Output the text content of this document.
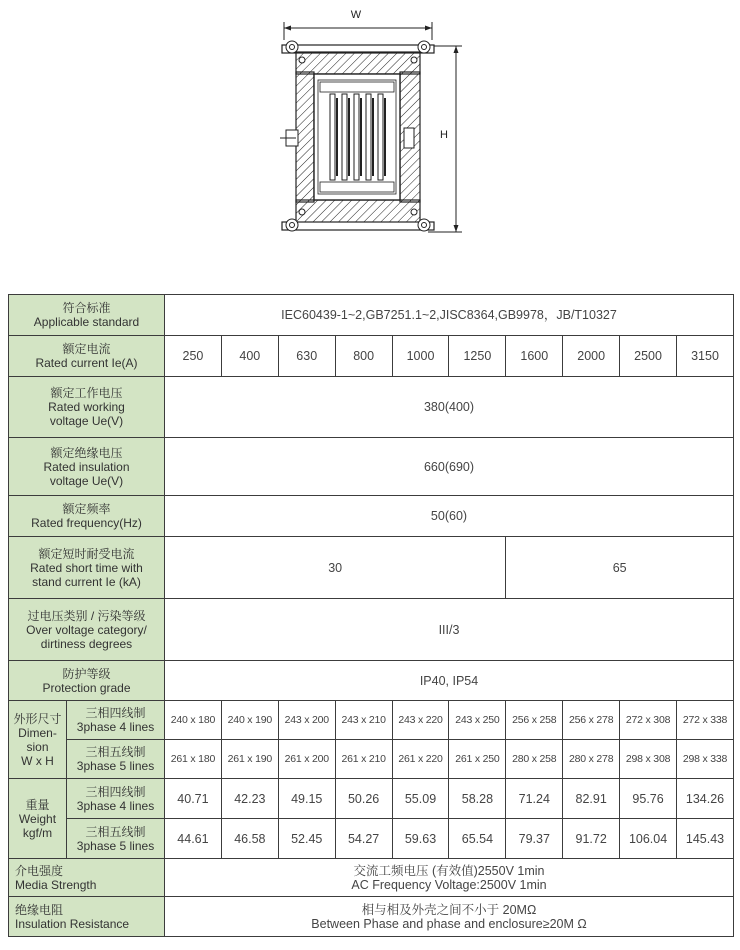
W
H
符合标准
Applicable standard		IEC60439-1~2,GB7251.1~2,JISC8364,GB9978，JB/T10327									

额定电流
Rated current Ie(A)		250	400	630	800	1000	1250	1600	2000	2500	3150

额定工作电压
Rated working
voltage Ue(V)		380(400)									

额定绝缘电压
Rated insulation
voltage Ue(V)		660(690)									

额定频率
Rated frequency(Hz)		50(60)									

额定短时耐受电流
Rated short time with
stand current Ie (kA)		30						65			

过电压类别 / 污染等级
Over voltage category/
dirtiness degrees		III/3									

防护等级
Protection grade		IP40, IP54									

外形尺寸
Dimen-
sion
W x H	三相四线制
3phase 4 lines	240 x 180	240 x 190	243 x 200	243 x 210	243 x 220	243 x 250	256 x 258	256 x 278	272 x 308	272 x 338

	三相五线制
3phase 5 lines	261 x 180	261 x 190	261 x 200	261 x 210	261 x 220	261 x 250	280 x 258	280 x 278	298 x 308	298 x 338

重量
Weight
kgf/m	三相四线制
3phase 4 lines	40.71	42.23	49.15	50.26	55.09	58.28	71.24	82.91	95.76	134.26

	三相五线制
3phase 5 lines	44.61	46.58	52.45	54.27	59.63	65.54	79.37	91.72	106.04	145.43

介电强度
Media Strength		交流工频电压 (有效值)2550V 1min
AC Frequency Voltage:2500V 1min									

绝缘电阻
Insulation Resistance		相与相及外壳之间不小于 20MΩ
Between Phase and phase and enclosure≥20M Ω									
